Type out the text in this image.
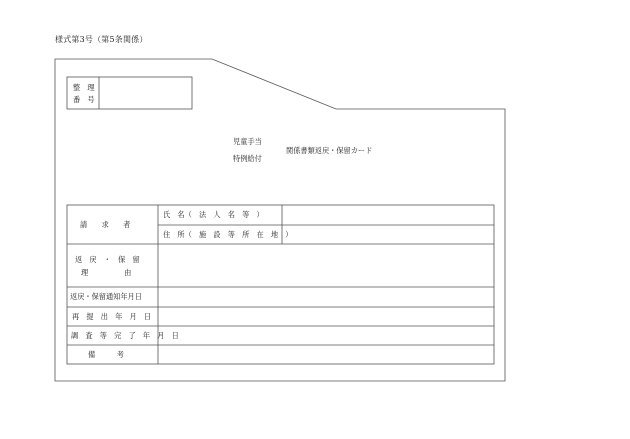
様式第3号（第5条関係）
整　理
番　号
児童手当
特例給付
関係書類返戻・保留カード
請　　求　　者
氏　名（　法　人　名　等　）
住　所（　施　設　等　所　在　地　）
返　戻　・　保　留
理　　　　　由
返戻・保留通知年月日
再　提　出　年　月　日
調　査　等　完　了　年　月　日
備　　　考
